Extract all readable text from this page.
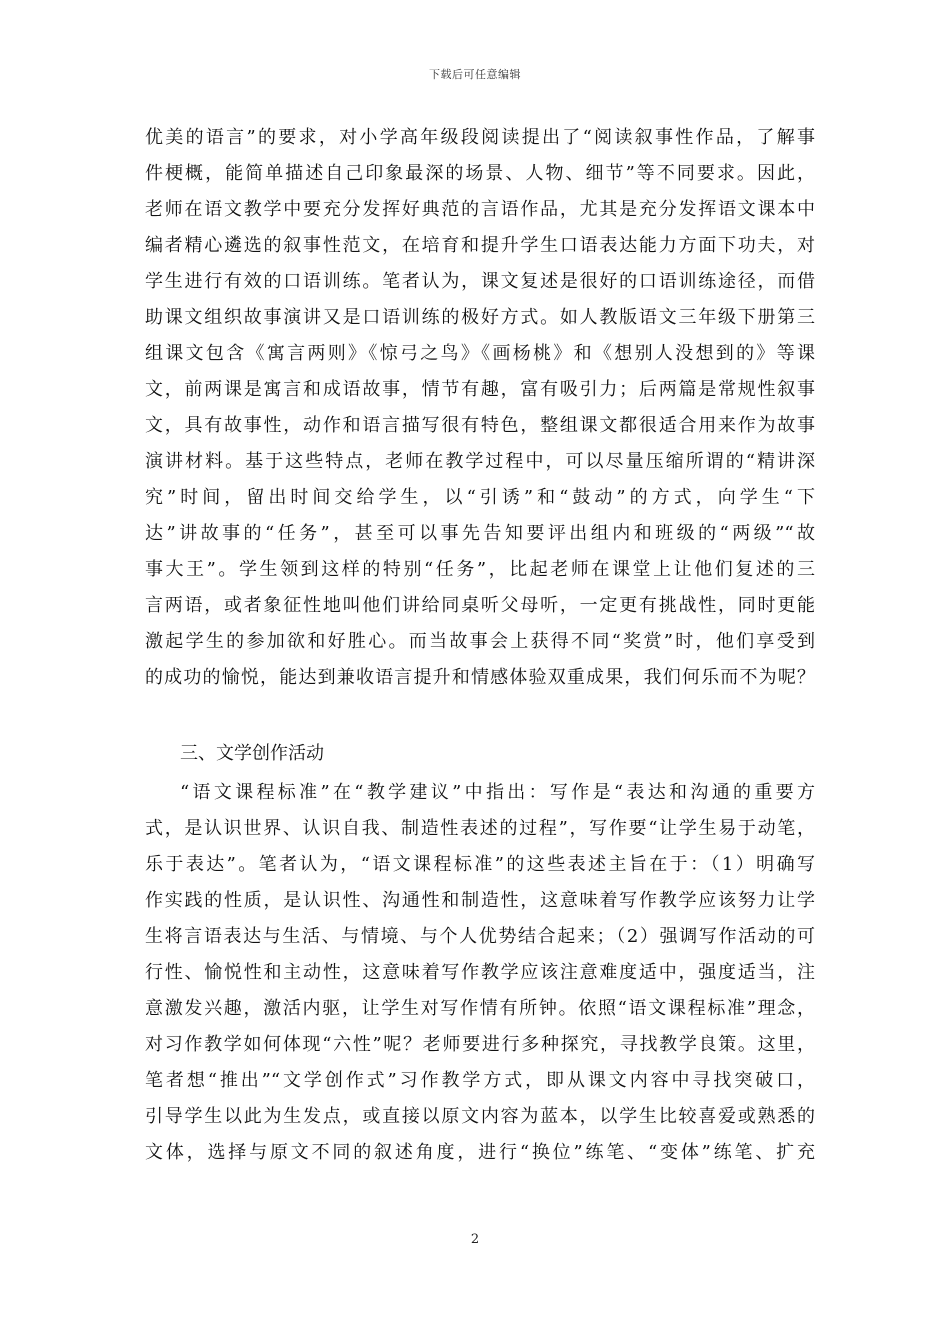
下载后可任意编辑
优美的语言”的要求，对小学高年级段阅读提出了“阅读叙事性作品，了解事
件梗概，能简单描述自己印象最深的场景、人物、细节”等不同要求。因此，
老师在语文教学中要充分发挥好典范的言语作品，尤其是充分发挥语文课本中
编者精心遴选的叙事性范文，在培育和提升学生口语表达能力方面下功夫，对
学生进行有效的口语训练。笔者认为，课文复述是很好的口语训练途径，而借
助课文组织故事演讲又是口语训练的极好方式。如人教版语文三年级下册第三
组课文包含《寓言两则》《惊弓之鸟》《画杨桃》和《想别人没想到的》等课
文，前两课是寓言和成语故事，情节有趣，富有吸引力；后两篇是常规性叙事
文，具有故事性，动作和语言描写很有特色，整组课文都很适合用来作为故事
演讲材料。基于这些特点，老师在教学过程中，可以尽量压缩所谓的“精讲深
究”时间，留出时间交给学生，以“引诱”和“鼓动”的方式，向学生“下
达”讲故事的“任务”，甚至可以事先告知要评出组内和班级的“两级”“故
事大王”。学生领到这样的特别“任务”，比起老师在课堂上让他们复述的三
言两语，或者象征性地叫他们讲给同桌听父母听，一定更有挑战性，同时更能
激起学生的参加欲和好胜心。而当故事会上获得不同“奖赏”时，他们享受到
的成功的愉悦，能达到兼收语言提升和情感体验双重成果，我们何乐而不为呢？
三、文学创作活动
“语文课程标准”在“教学建议”中指出：写作是“表达和沟通的重要方
式，是认识世界、认识自我、制造性表述的过程”，写作要“让学生易于动笔，
乐于表达”。笔者认为，“语文课程标准”的这些表述主旨在于：（1）明确写
作实践的性质，是认识性、沟通性和制造性，这意味着写作教学应该努力让学
生将言语表达与生活、与情境、与个人优势结合起来；（2）强调写作活动的可
行性、愉悦性和主动性，这意味着写作教学应该注意难度适中，强度适当，注
意激发兴趣，激活内驱，让学生对写作情有所钟。依照“语文课程标准”理念，
对习作教学如何体现“六性”呢？老师要进行多种探究，寻找教学良策。这里，
笔者想“推出”“文学创作式”习作教学方式，即从课文内容中寻找突破口，
引导学生以此为生发点，或直接以原文内容为蓝本，以学生比较喜爱或熟悉的
文体，选择与原文不同的叙述角度，进行“换位”练笔、“变体”练笔、扩充
2
